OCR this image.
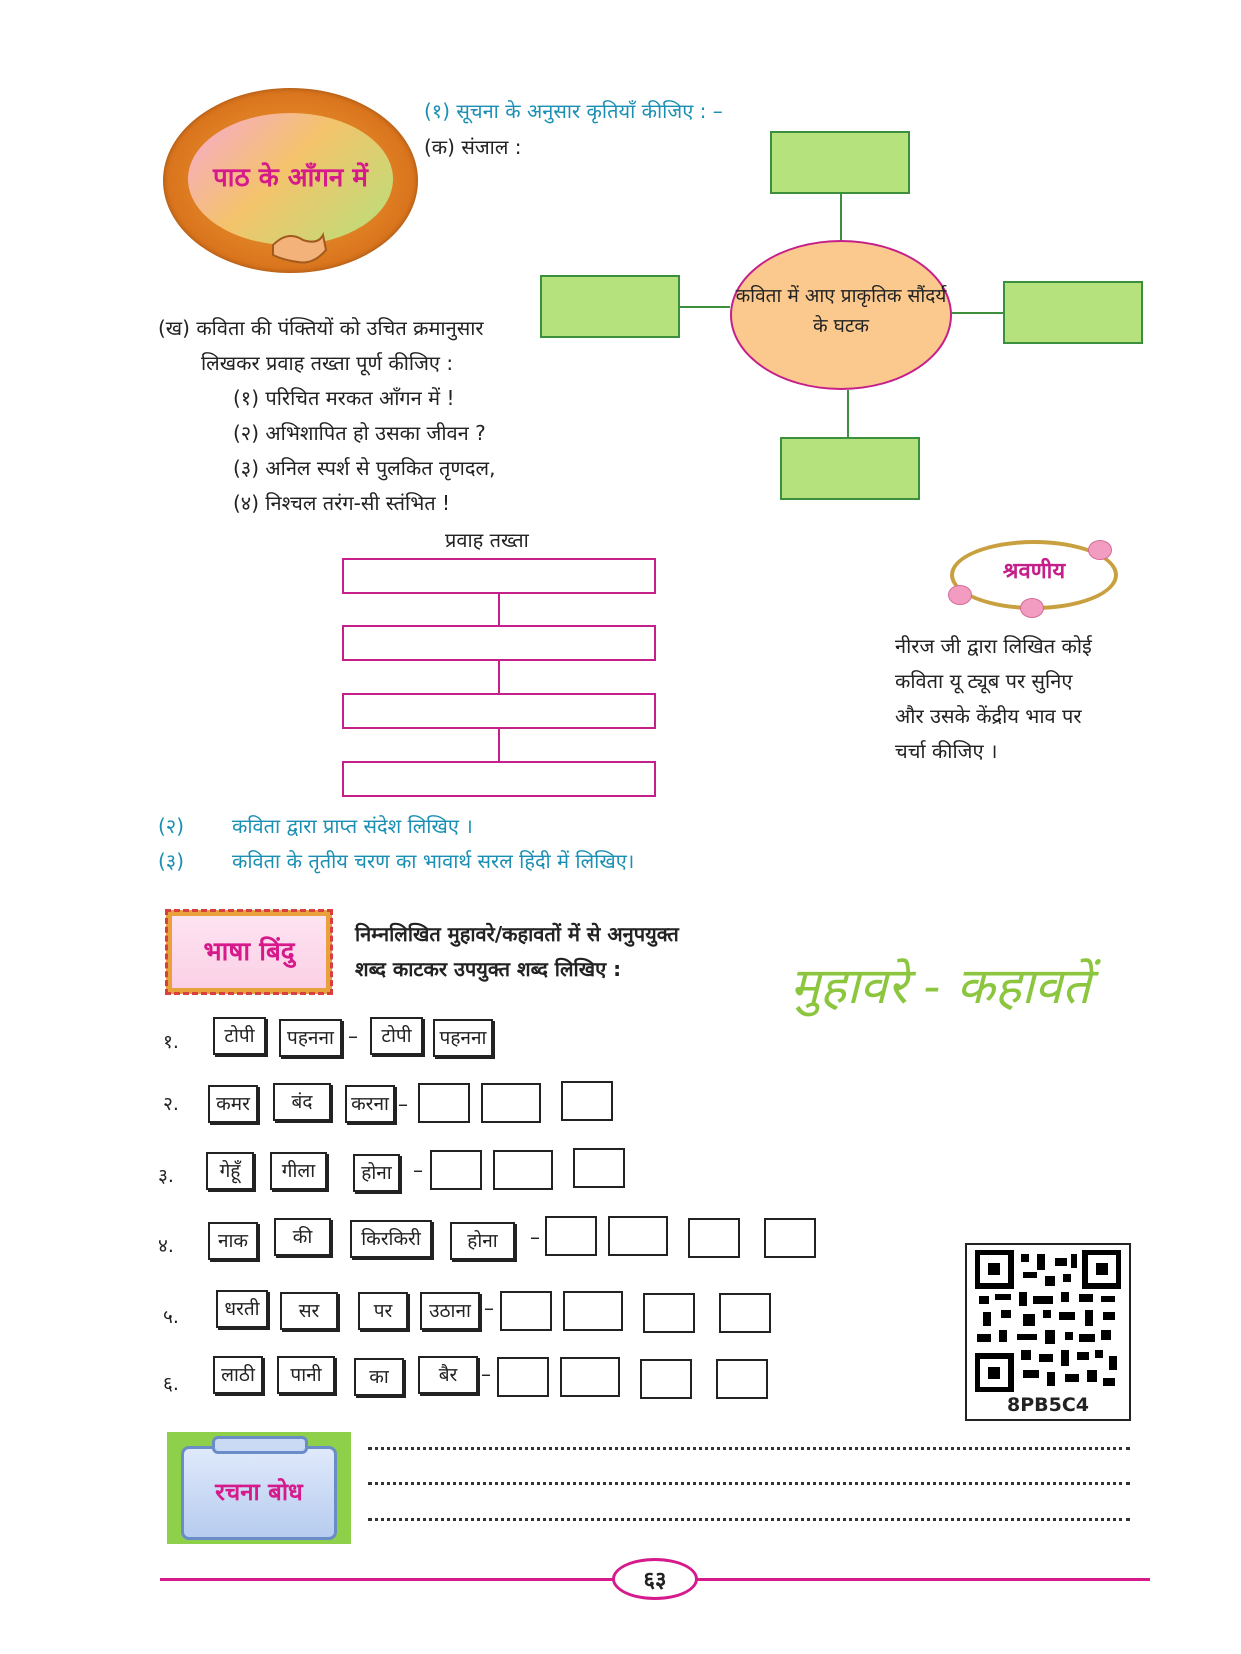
पाठ के आँगन में
(१) सूचना के अनुसार कृतियाँ कीजिए : –
(क) संजाल :
कविता में आए प्राकृतिक सौंदर्य के घटक
(ख) कविता की पंक्तियों को उचित क्रमानुसार
लिखकर प्रवाह तख्ता पूर्ण कीजिए :
(१) परिचित मरकत आँगन में !
(२) अभिशापित हो उसका जीवन ?
(३) अनिल स्पर्श से पुलकित तृणदल,
(४) निश्चल तरंग-सी स्तंभित !
प्रवाह तख्ता
श्रवणीय
नीरज जी द्वारा लिखित कोई
कविता यू ट्यूब पर सुनिए
और उसके केंद्रीय भाव पर
चर्चा कीजिए ।
(२) कविता द्वारा प्राप्त संदेश लिखिए ।
(३) कविता के तृतीय चरण का भावार्थ सरल हिंदी में लिखिए।
भाषा बिंदु
निम्नलिखित मुहावरे/कहावतों में से अनुपयुक्त
शब्द काटकर उपयुक्त शब्द लिखिए :	मुहावरे - कहावतें
१.	टोपी	पहनना –	टोपी	पहनना
२.	कमर	बंद	करना –
३.	गेहूँ	गीला	होना	–
४.	नाक	की	किरकिरी	होना	–
५.	धरती	सर	पर	उठाना –
६.	लाठी	पानी	का	बैर	–
8PB5C4
रचना बोध
६३
